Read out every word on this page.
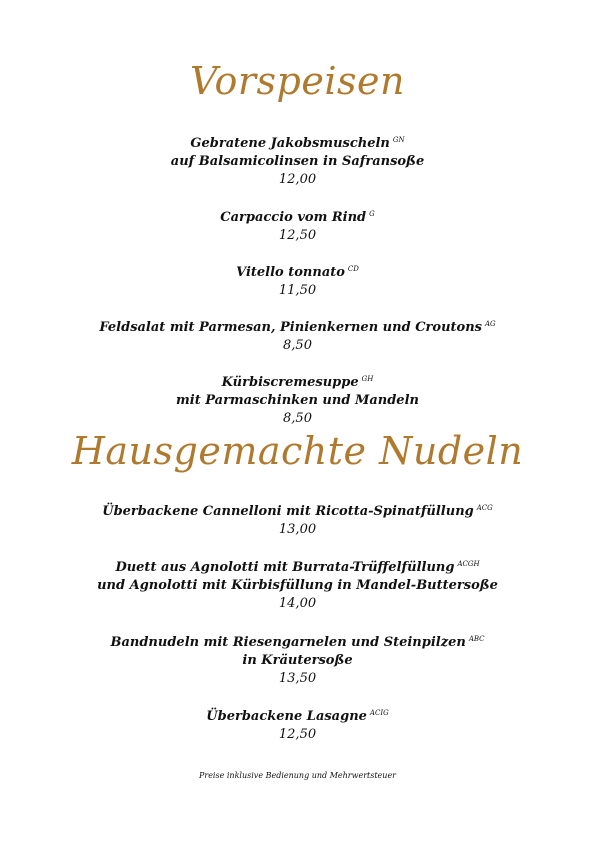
Vorspeisen
Gebratene Jakobsmuscheln $^{GN}$
auf Balsamicolinsen in Safransoße
12,00
Carpaccio vom Rind $^G$
12,50
Vitello tonnato $^{CD}$
11,50
Feldsalat mit Parmesan, Pinienkernen und Croutons $^{AG}$
8,50
Kürbiscremesuppe $^{GH}$
mit Parmaschinken und Mandeln
8,50
Hausgemachte Nudeln
Überbackene Cannelloni mit Ricotta-Spinatfüllung $^{ACG}$
13,00
Duett aus Agnolotti mit Burrata-Trüffelfüllung $^{ACGH}$
und Agnolotti mit Kürbisfüllung in Mandel-Buttersoße
14,00
Bandnudeln mit Riesengarnelen und Steinpilzen $^{ABC}$
in Kräutersoße
13,50
Überbackene Lasagne $^{ACIG}$
12,50
Preise inklusive Bedienung und Mehrwertsteuer
